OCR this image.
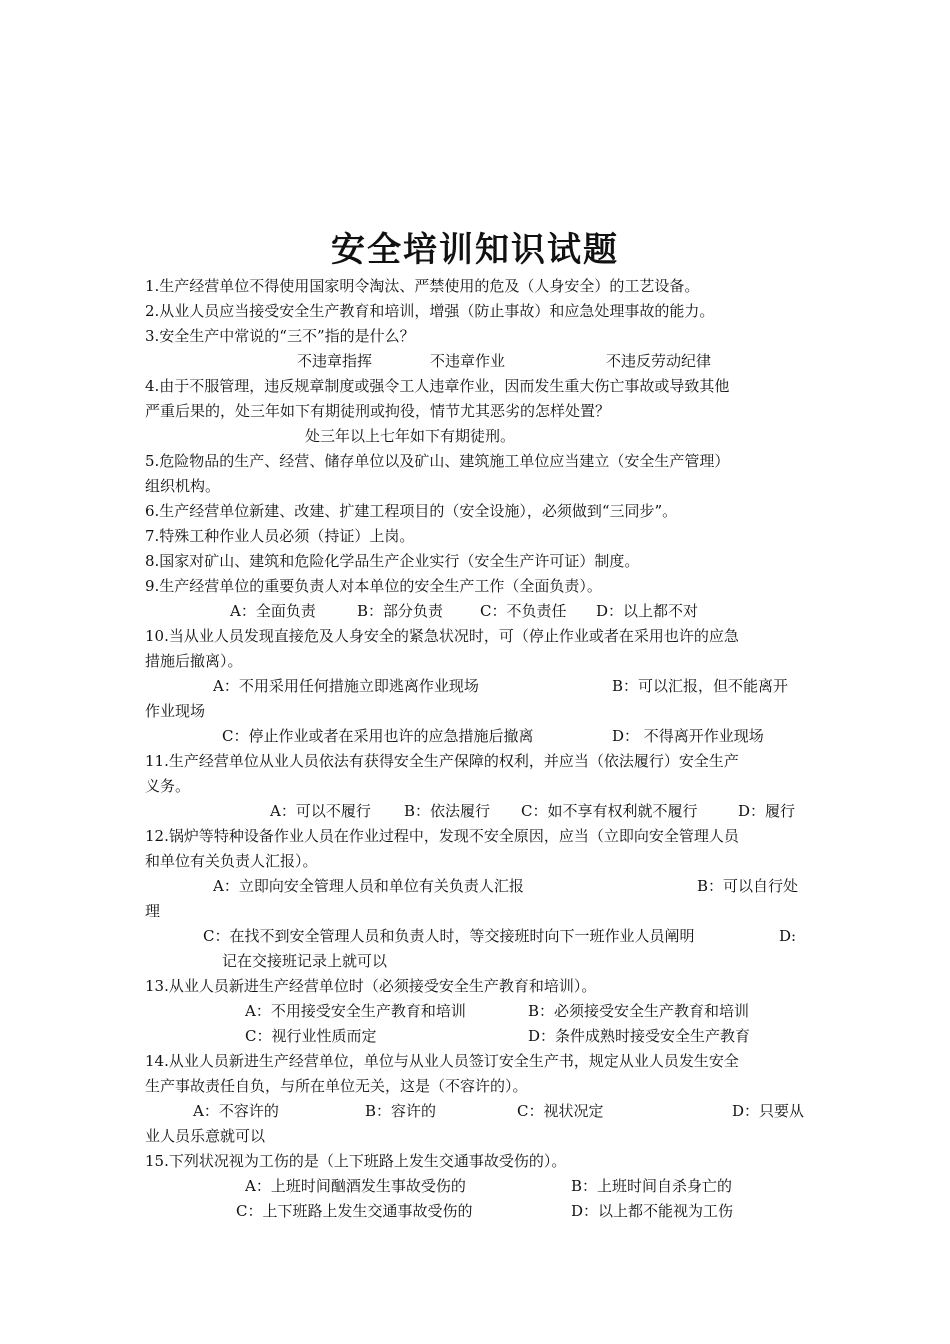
安全培训知识试题
1.生产经营单位不得使用国家明令淘汰、严禁使用的危及（人身安全）的工艺设备。
2.从业人员应当接受安全生产教育和培训，增强（防止事故）和应急处理事故的能力。
3.安全生产中常说的“三不”指的是什么？
不违章指挥	不违章作业	不违反劳动纪律
4.由于不服管理，违反规章制度或强令工人违章作业，因而发生重大伤亡事故或导致其他
严重后果的，处三年如下有期徒刑或拘役，情节尤其恶劣的怎样处置？
处三年以上七年如下有期徒刑。
5.危险物品的生产、经营、储存单位以及矿山、建筑施工单位应当建立（安全生产管理）
组织机构。
6.生产经营单位新建、改建、扩建工程项目的（安全设施），必须做到“三同步”。
7.特殊工种作业人员必须（持证）上岗。
8.国家对矿山、建筑和危险化学品生产企业实行（安全生产许可证）制度。
9.生产经营单位的重要负责人对本单位的安全生产工作（全面负责）。
A：全面负责	B：部分负责 C：不负责任 D：以上都不对
10.当从业人员发现直接危及人身安全的紧急状况时，可（停止作业或者在采用也许的应急
措施后撤离）。
A：不用采用任何措施立即逃离作业现场	B：可以汇报，但不能离开
作业现场
C：停止作业或者在采用也许的应急措施后撤离	D： 不得离开作业现场
11.生产经营单位从业人员依法有获得安全生产保障的权利，并应当（依法履行）安全生产
义务。
A：可以不履行 B：依法履行 C：如不享有权利就不履行	D：履行
12.锅炉等特种设备作业人员在作业过程中，发现不安全原因，应当（立即向安全管理人员
和单位有关负责人汇报）。
A：立即向安全管理人员和单位有关负责人汇报	B：可以自行处
理
C：在找不到安全管理人员和负责人时，等交接班时向下一班作业人员阐明	D:
记在交接班记录上就可以
13.从业人员新进生产经营单位时（必须接受安全生产教育和培训）。
A：不用接受安全生产教育和培训	B：必须接受安全生产教育和培训
C：视行业性质而定	D：条件成熟时接受安全生产教育
14.从业人员新进生产经营单位，单位与从业人员签订安全生产书，规定从业人员发生安全
生产事故责任自负，与所在单位无关，这是（不容许的）。
A：不容许的	B：容许的	C：视状况定	D：只要从
业人员乐意就可以
15.下列状况视为工伤的是（上下班路上发生交通事故受伤的）。
A：上班时间酗酒发生事故受伤的	B：上班时间自杀身亡的
C：上下班路上发生交通事故受伤的	D：以上都不能视为工伤
